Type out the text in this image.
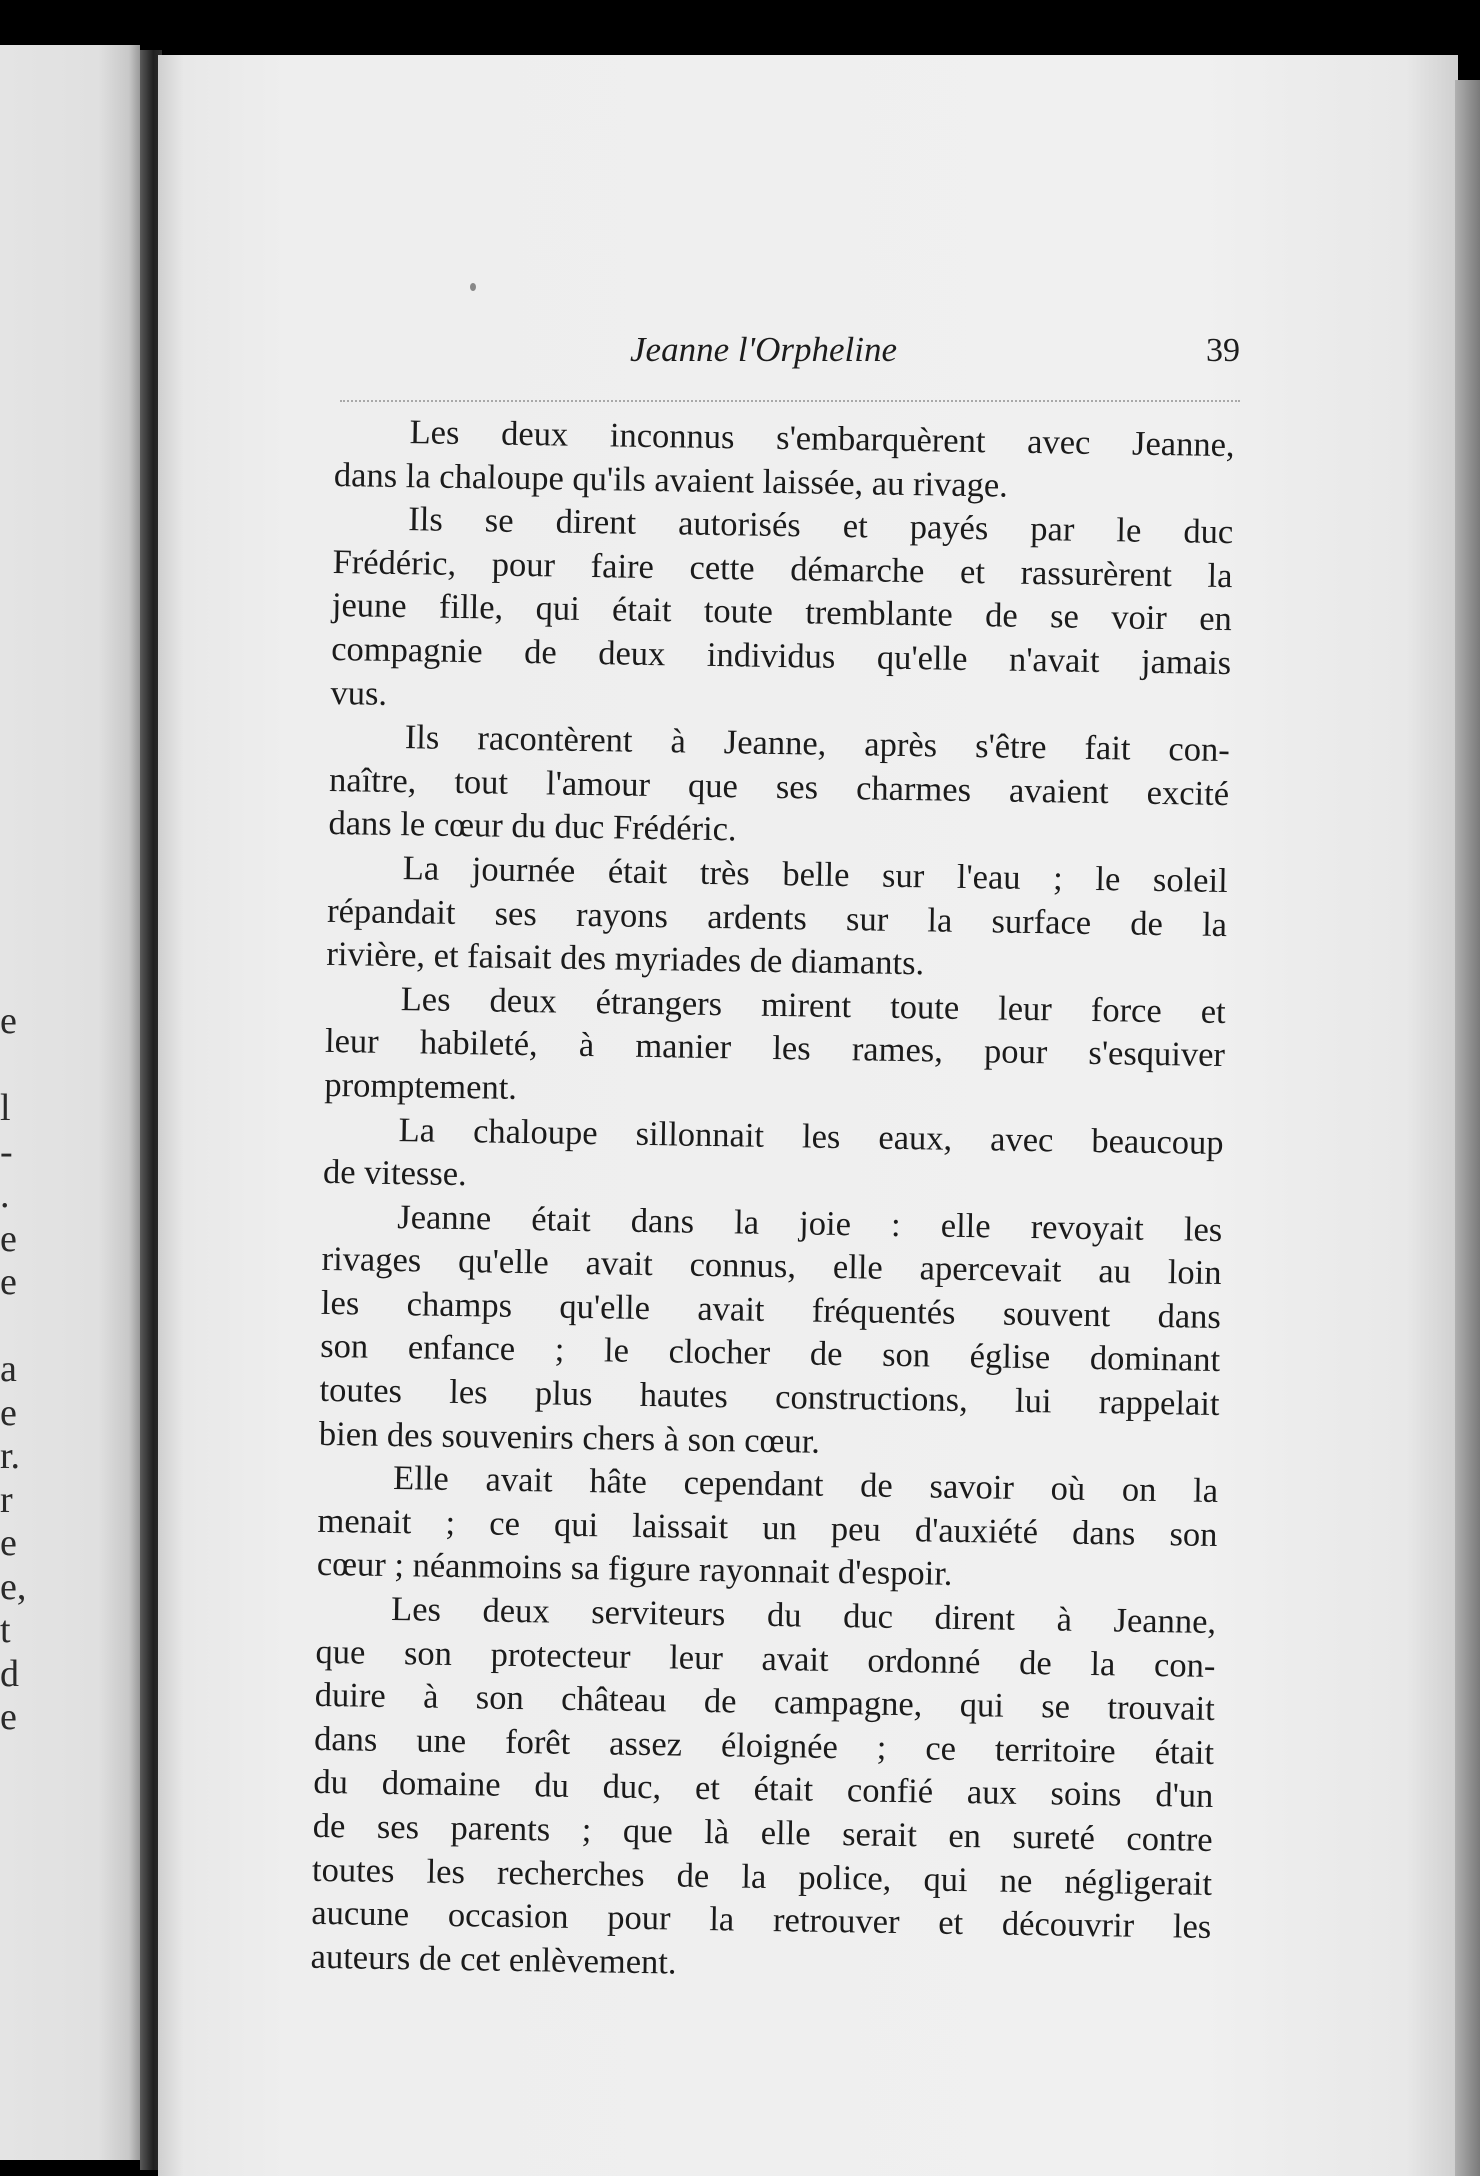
e
l
-
.
e
e
a
e
r.
r
e
e,
t
d
e
Jeanne l'Orpheline	39
Les deux inconnus s'embarquèrent avec Jeanne,
dans la chaloupe qu'ils avaient laissée, au rivage.
Ils se dirent autorisés et payés par le duc
Frédéric, pour faire cette démarche et rassurèrent la
jeune fille, qui était toute tremblante de se voir en
compagnie de deux individus qu'elle n'avait jamais
vus.
Ils racontèrent à Jeanne, après s'être fait con-
naître, tout l'amour que ses charmes avaient excité
dans le cœur du duc Frédéric.
La journée était très belle sur l'eau ; le soleil
répandait ses rayons ardents sur la surface de la
rivière, et faisait des myriades de diamants.
Les deux étrangers mirent toute leur force et
leur habileté, à manier les rames, pour s'esquiver
promptement.
La chaloupe sillonnait les eaux, avec beaucoup
de vitesse.
Jeanne était dans la joie : elle revoyait les
rivages qu'elle avait connus, elle apercevait au loin
les champs qu'elle avait fréquentés souvent dans
son enfance ; le clocher de son église dominant
toutes les plus hautes constructions, lui rappelait
bien des souvenirs chers à son cœur.
Elle avait hâte cependant de savoir où on la
menait ; ce qui laissait un peu d'auxiété dans son
cœur ; néanmoins sa figure rayonnait d'espoir.
Les deux serviteurs du duc dirent à Jeanne,
que son protecteur leur avait ordonné de la con-
duire à son château de campagne, qui se trouvait
dans une forêt assez éloignée ; ce territoire était
du domaine du duc, et était confié aux soins d'un
de ses parents ; que là elle serait en sureté contre
toutes les recherches de la police, qui ne négligerait
aucune occasion pour la retrouver et découvrir les
auteurs de cet enlèvement.
